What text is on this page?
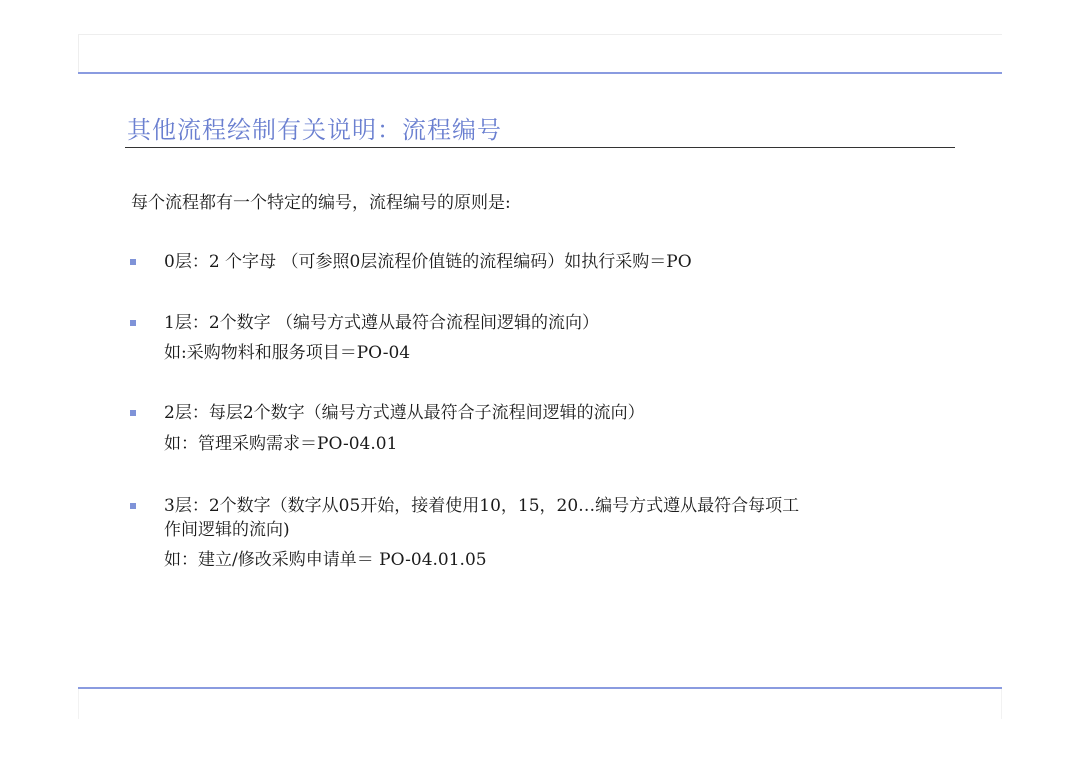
其他流程绘制有关说明：流程编号
每个流程都有一个特定的编号，流程编号的原则是:
0层：2 个字母 （可参照0层流程价值链的流程编码）如执行采购＝PO
1层：2个数字 （编号方式遵从最符合流程间逻辑的流向）
如:采购物料和服务项目＝PO-04
2层：每层2个数字（编号方式遵从最符合子流程间逻辑的流向）
如：管理采购需求＝PO-04.01
3层：2个数字（数字从05开始，接着使用10，15，20…编号方式遵从最符合每项工
作间逻辑的流向)
如：建立/修改采购申请单＝ PO-04.01.05
